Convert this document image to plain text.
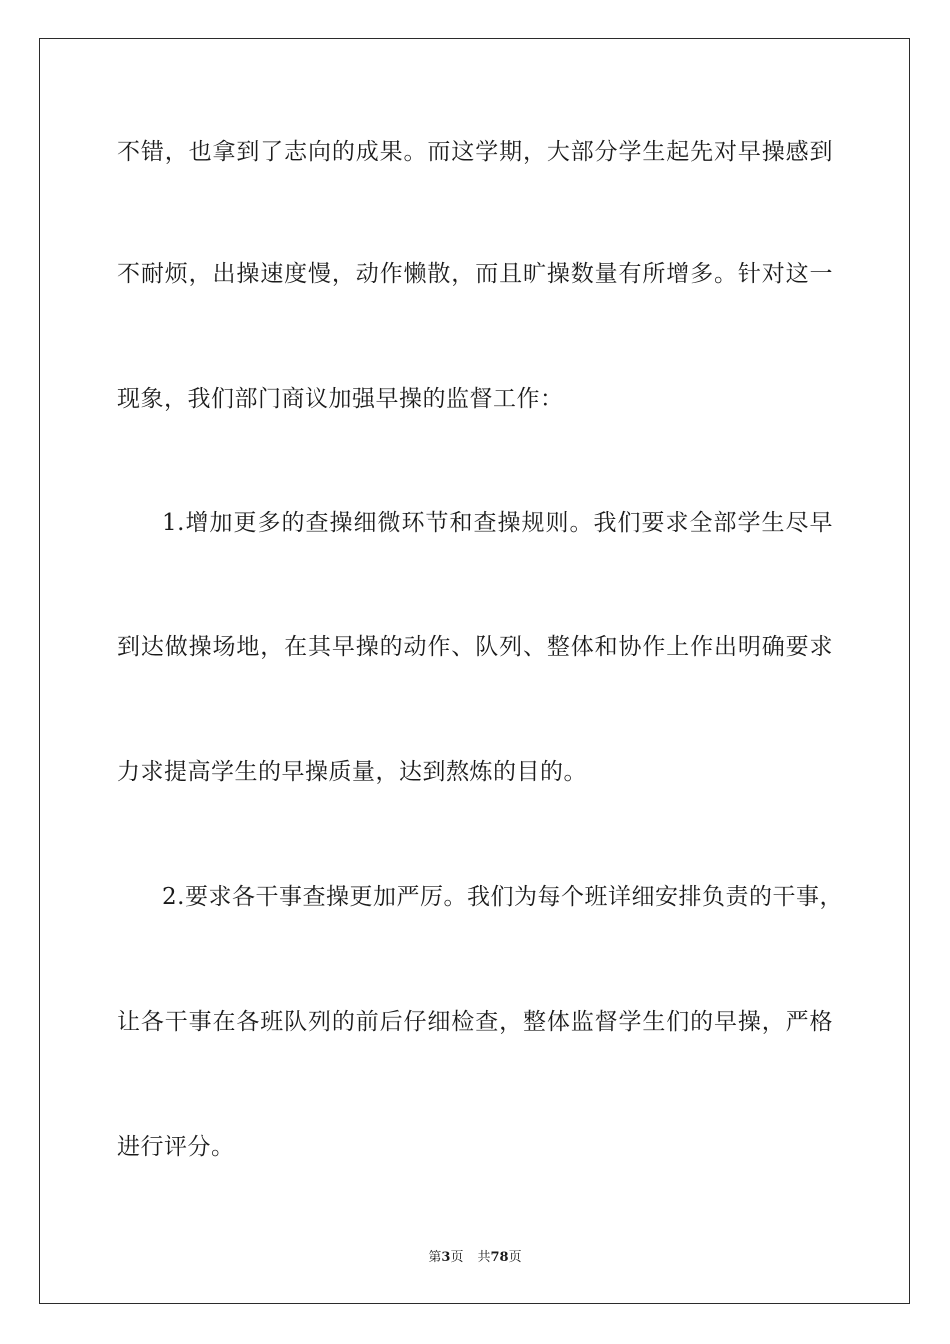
不错，也拿到了志向的成果。而这学期，大部分学生起先对早操感到
不耐烦，出操速度慢，动作懒散，而且旷操数量有所增多。针对这一
现象，我们部门商议加强早操的监督工作：
1.增加更多的查操细微环节和查操规则。我们要求全部学生尽早
到达做操场地，在其早操的动作、队列、整体和协作上作出明确要求
力求提高学生的早操质量，达到熬炼的目的。
2.要求各干事查操更加严厉。我们为每个班详细安排负责的干事，
让各干事在各班队列的前后仔细检查，整体监督学生们的早操，严格
进行评分。
第3页 共78页
